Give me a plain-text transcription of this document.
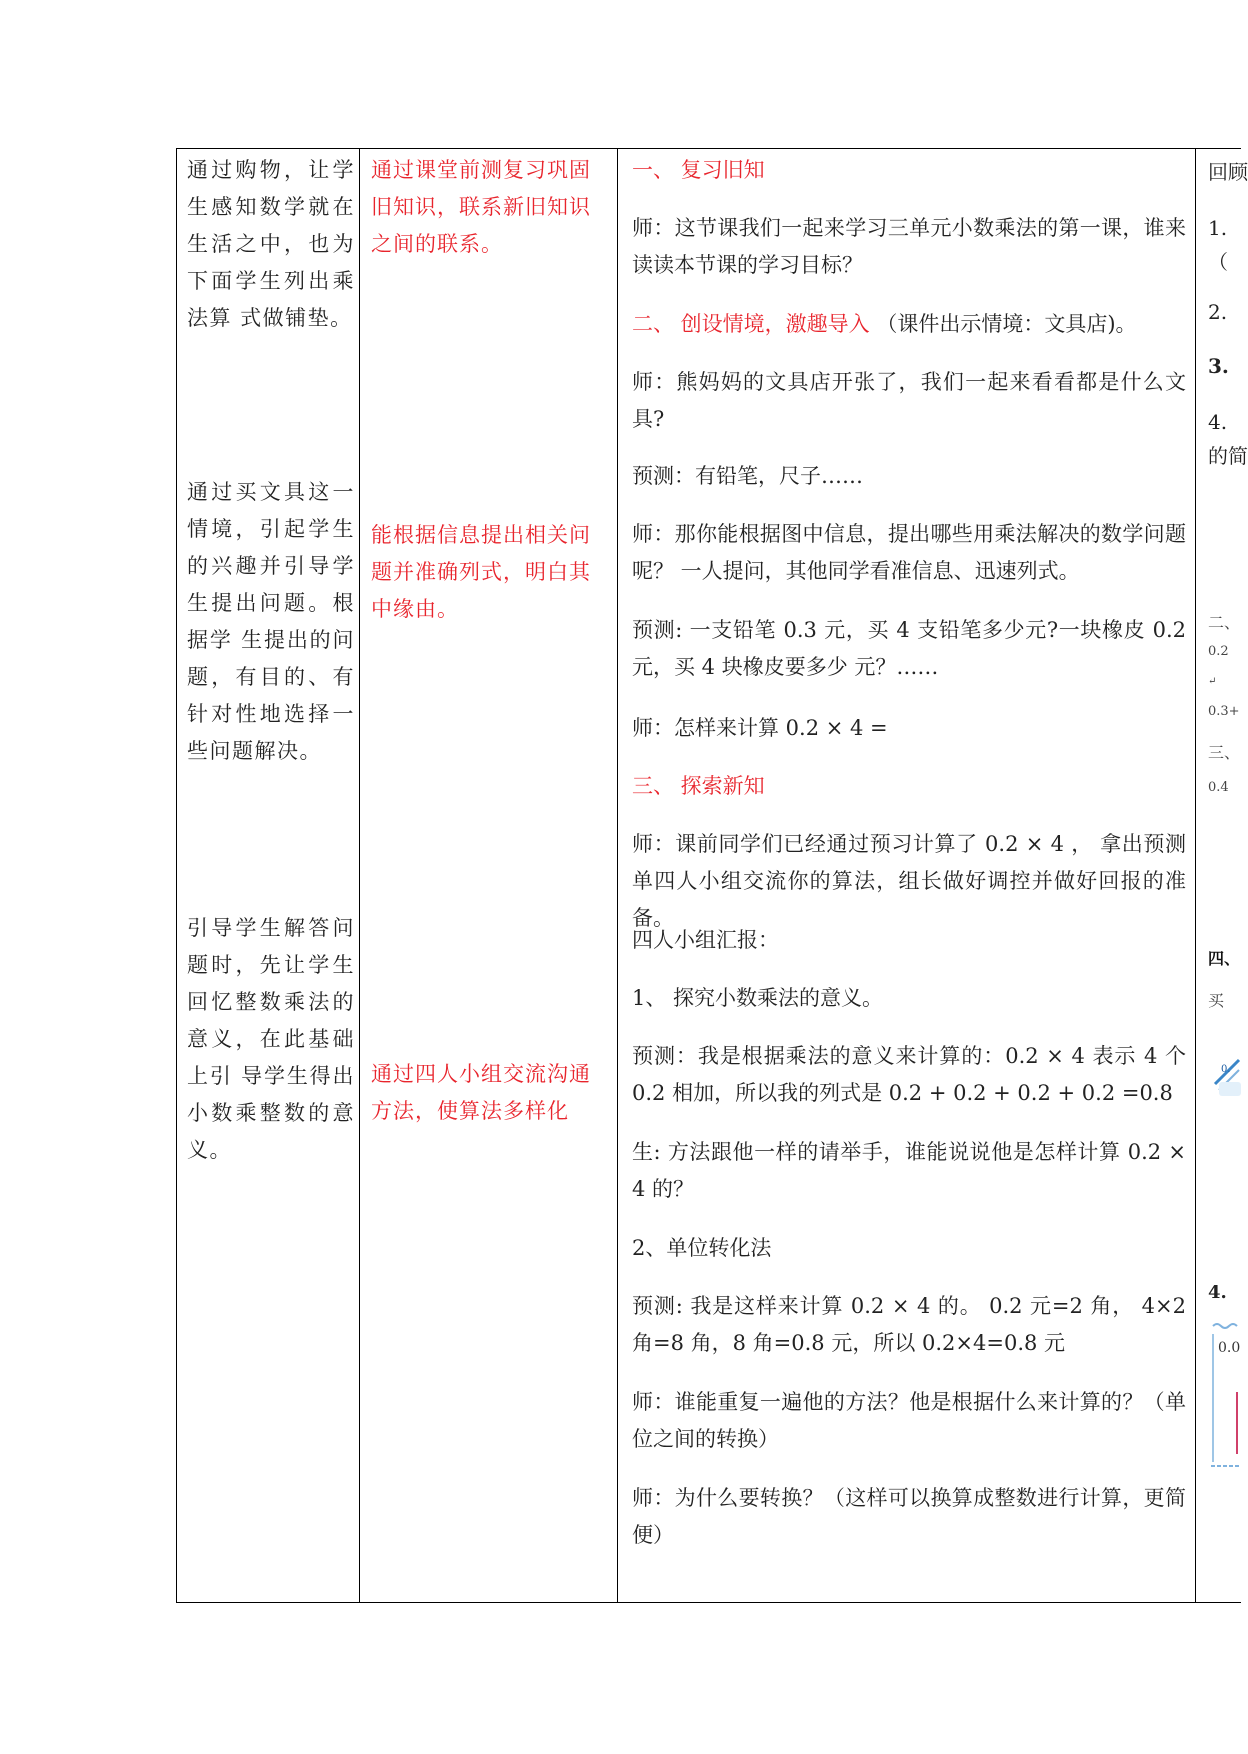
通过购物，让学生感知数学就在生活之中，也为下面学生列出乘法算 式做铺垫。

通过买文具这一情境，引起学生的兴趣并引导学生提出问题。根据学 生提出的问题，有目的、有针对性地选择一些问题解决。

引导学生解答问题时，先让学生回忆整数乘法的意义，在此基础上引 导学生得出小数乘整数的意义。

通过课堂前测复习巩固旧知识，联系新旧知识之间的联系。

能根据信息提出相关问题并准确列式，明白其中缘由。

通过四人小组交流沟通方法，使算法多样化

一、 复习旧知

师：这节课我们一起来学习三单元小数乘法的第一课，谁来读读本节课的学习目标？

二、 创设情境，激趣导入 （课件出示情境：文具店)。

师：熊妈妈的文具店开张了，我们一起来看看都是什么文具?

预测：有铅笔，尺子……

师：那你能根据图中信息，提出哪些用乘法解决的数学问题呢？ 一人提问，其他同学看准信息、迅速列式。

预测: 一支铅笔 0.3 元，买 4 支铅笔多少元?一块橡皮 0.2 元，买 4 块橡皮要多少 元？……

师：怎样来计算 0.2 × 4 =

三、 探索新知

师：课前同学们已经通过预习计算了 0.2 × 4 ， 拿出预测单四人小组交流你的算法，组长做好调控并做好回报的准备。

四人小组汇报：

1、 探究小数乘法的意义。

预测：我是根据乘法的意义来计算的：0.2 × 4 表示 4 个 0.2 相加，所以我的列式是 0.2 + 0.2 + 0.2 + 0.2 =0.8

生: 方法跟他一样的请举手，谁能说说他是怎样计算 0.2 × 4 的？

2、单位转化法

预测: 我是这样来计算 0.2 × 4 的。 0.2 元=2 角， 4×2 角=8 角，8 角=0.8 元，所以 0.2×4=0.8 元

师：谁能重复一遍他的方法？他是根据什么来计算的？（单位之间的转换）

师：为什么要转换？（这样可以换算成整数进行计算，更简便）

回顾
1.
（
2.
3.
4.
的简
二、
0.2
↵
0.3+
三、
0.4
四、
买
0.
4.
0.0
